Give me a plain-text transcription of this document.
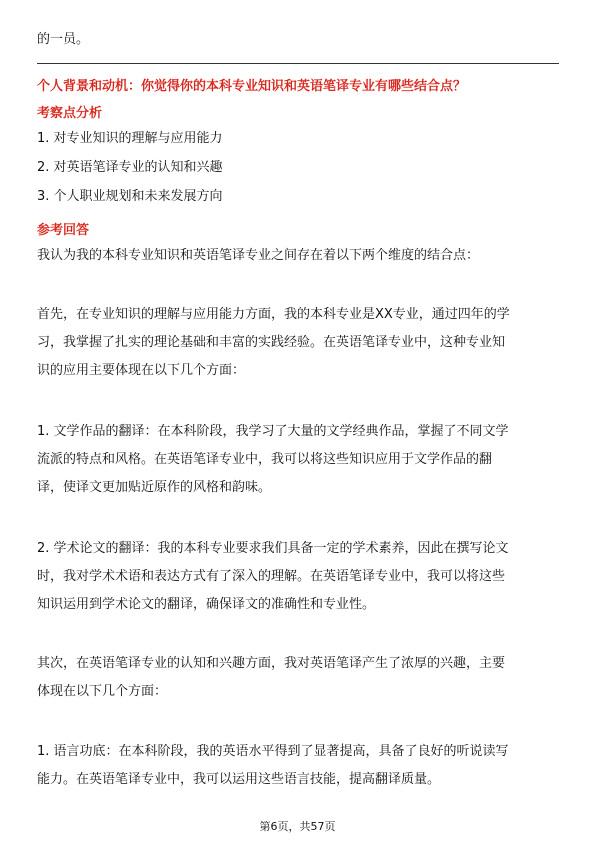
的一员。
个人背景和动机：你觉得你的本科专业知识和英语笔译专业有哪些结合点？
考察点分析
1. 对专业知识的理解与应用能力
2. 对英语笔译专业的认知和兴趣
3. 个人职业规划和未来发展方向
参考回答
我认为我的本科专业知识和英语笔译专业之间存在着以下两个维度的结合点：
首先，在专业知识的理解与应用能力方面，我的本科专业是XX专业，通过四年的学
习，我掌握了扎实的理论基础和丰富的实践经验。在英语笔译专业中，这种专业知
识的应用主要体现在以下几个方面：
1. 文学作品的翻译：在本科阶段，我学习了大量的文学经典作品，掌握了不同文学
流派的特点和风格。在英语笔译专业中，我可以将这些知识应用于文学作品的翻
译，使译文更加贴近原作的风格和韵味。
2. 学术论文的翻译：我的本科专业要求我们具备一定的学术素养，因此在撰写论文
时，我对学术术语和表达方式有了深入的理解。在英语笔译专业中，我可以将这些
知识运用到学术论文的翻译，确保译文的准确性和专业性。
其次，在英语笔译专业的认知和兴趣方面，我对英语笔译产生了浓厚的兴趣，主要
体现在以下几个方面：
1. 语言功底：在本科阶段，我的英语水平得到了显著提高，具备了良好的听说读写
能力。在英语笔译专业中，我可以运用这些语言技能，提高翻译质量。
第6页，共57页
